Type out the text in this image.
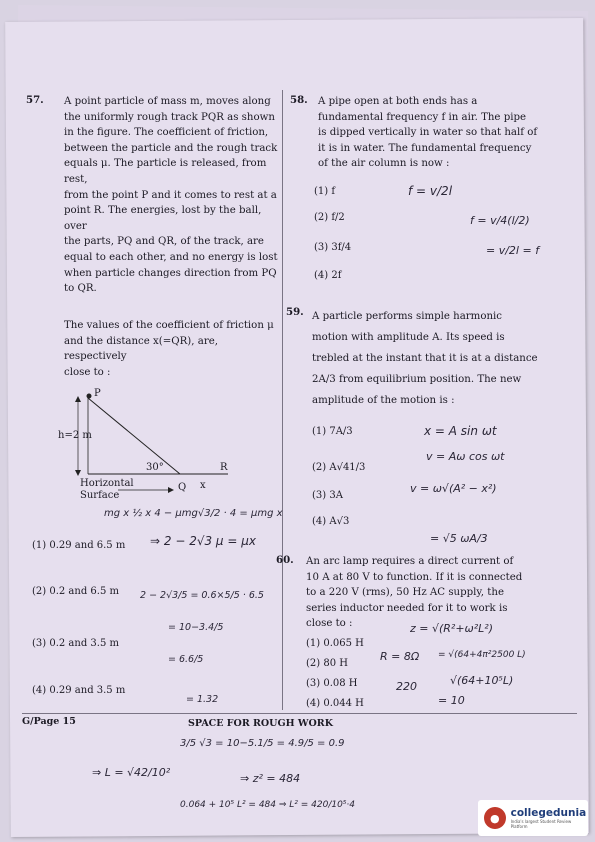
57. A point particle of mass m, moves along
the uniformly rough track PQR as shown
in the figure. The coefficient of friction,
between the particle and the rough track
equals μ. The particle is released, from rest,
from the point P and it comes to rest at a
point R. The energies, lost by the ball, over
the parts, PQ and QR, of the track, are
equal to each other, and no energy is lost
when particle changes direction from PQ
to QR.
The values of the coefficient of friction μ
and the distance x(=QR), are, respectively
close to :
P
h=2 m
30°	R
Q x
Horizontal
Surface
(1) 0.29 and 6.5 m
(2) 0.2 and 6.5 m
(3) 0.2 and 3.5 m
(4) 0.29 and 3.5 m
58. A pipe open at both ends has a
fundamental frequency f in air. The pipe
is dipped vertically in water so that half of
it is in water. The fundamental frequency
of the air column is now :
(1) f
(2) f/2
(3) 3f/4
(4) 2f
59. A particle performs simple harmonic
motion with amplitude A. Its speed is
trebled at the instant that it is at a distance
2A/3 from equilibrium position. The new
amplitude of the motion is :
(1) 7A/3
(2) A√41/3
(3) 3A
(4) A√3
60. An arc lamp requires a direct current of
10 A at 80 V to function. If it is connected
to a 220 V (rms), 50 Hz AC supply, the
series inductor needed for it to work is
close to :
(1) 0.065 H
(2) 80 H
(3) 0.08 H
(4) 0.044 H
G/Page 15	SPACE FOR ROUGH WORK
f = v/2l
f = v/4(l/2)
= v/2l = f
x = A sin ωt
v = Aω cos ωt
v = ω√(A² − x²)
= √5 ωA/3
z = √(R²+ω²L²)
R = 8Ω = √(64+4π²2500 L)
√(64+10⁵L)
220
= 10
mg x ½ x 4 − μmg√3/2 · 4 = μmg x
⇒ 2 − 2√3 μ = μx
2 − 2√3/5 = 0.6×5/5 · 6.5
= 10−3.4/5
= 6.6/5
= 1.32
3/5 √3 = 10−5.1/5 = 4.9/5 = 0.9
⇒ L = √42/10²	⇒ z² = 484
0.064 + 10⁵ L² = 484 ⇒ L² = 420/10⁵·4
●	collegedunia
India's largest Student Review Platform
